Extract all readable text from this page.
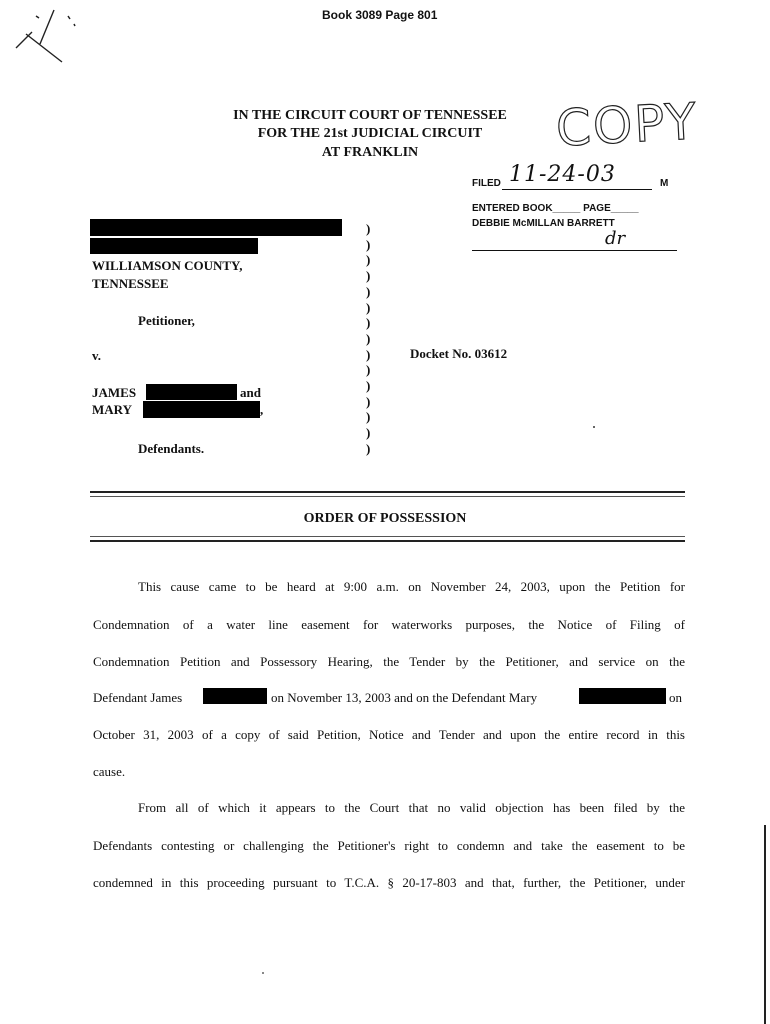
Book 3089 Page 801
IN THE CIRCUIT COURT OF TENNESSEE
FOR THE 21st JUDICIAL CIRCUIT
AT FRANKLIN	COPY
FILED 11-24-03	M
ENTERED BOOK_____ PAGE_____
DEBBIE McMILLAN BARRETT
dr
WILLIAMSON COUNTY,
TENNESSEE
Petitioner,
v.
JAMES	and
MARY	,
Defendants.
)
)
)
)
)
)
)
)
)
)
)
)
)
)
)
Docket No. 03612
ORDER OF POSSESSION
This cause came to be heard at 9:00 a.m. on November 24, 2003, upon the Petition for
Condemnation of a water line easement for waterworks purposes, the Notice of Filing of
Condemnation Petition and Possessory Hearing, the Tender by the Petitioner, and service on the
Defendant James	on November 13, 2003 and on the Defendant Mary	on
October 31, 2003 of a copy of said Petition, Notice and Tender and upon the entire record in this
cause.
From all of which it appears to the Court that no valid objection has been filed by the
Defendants contesting or challenging the Petitioner's right to condemn and take the easement to be
condemned in this proceeding pursuant to T.C.A. § 20-17-803 and that, further, the Petitioner, under
